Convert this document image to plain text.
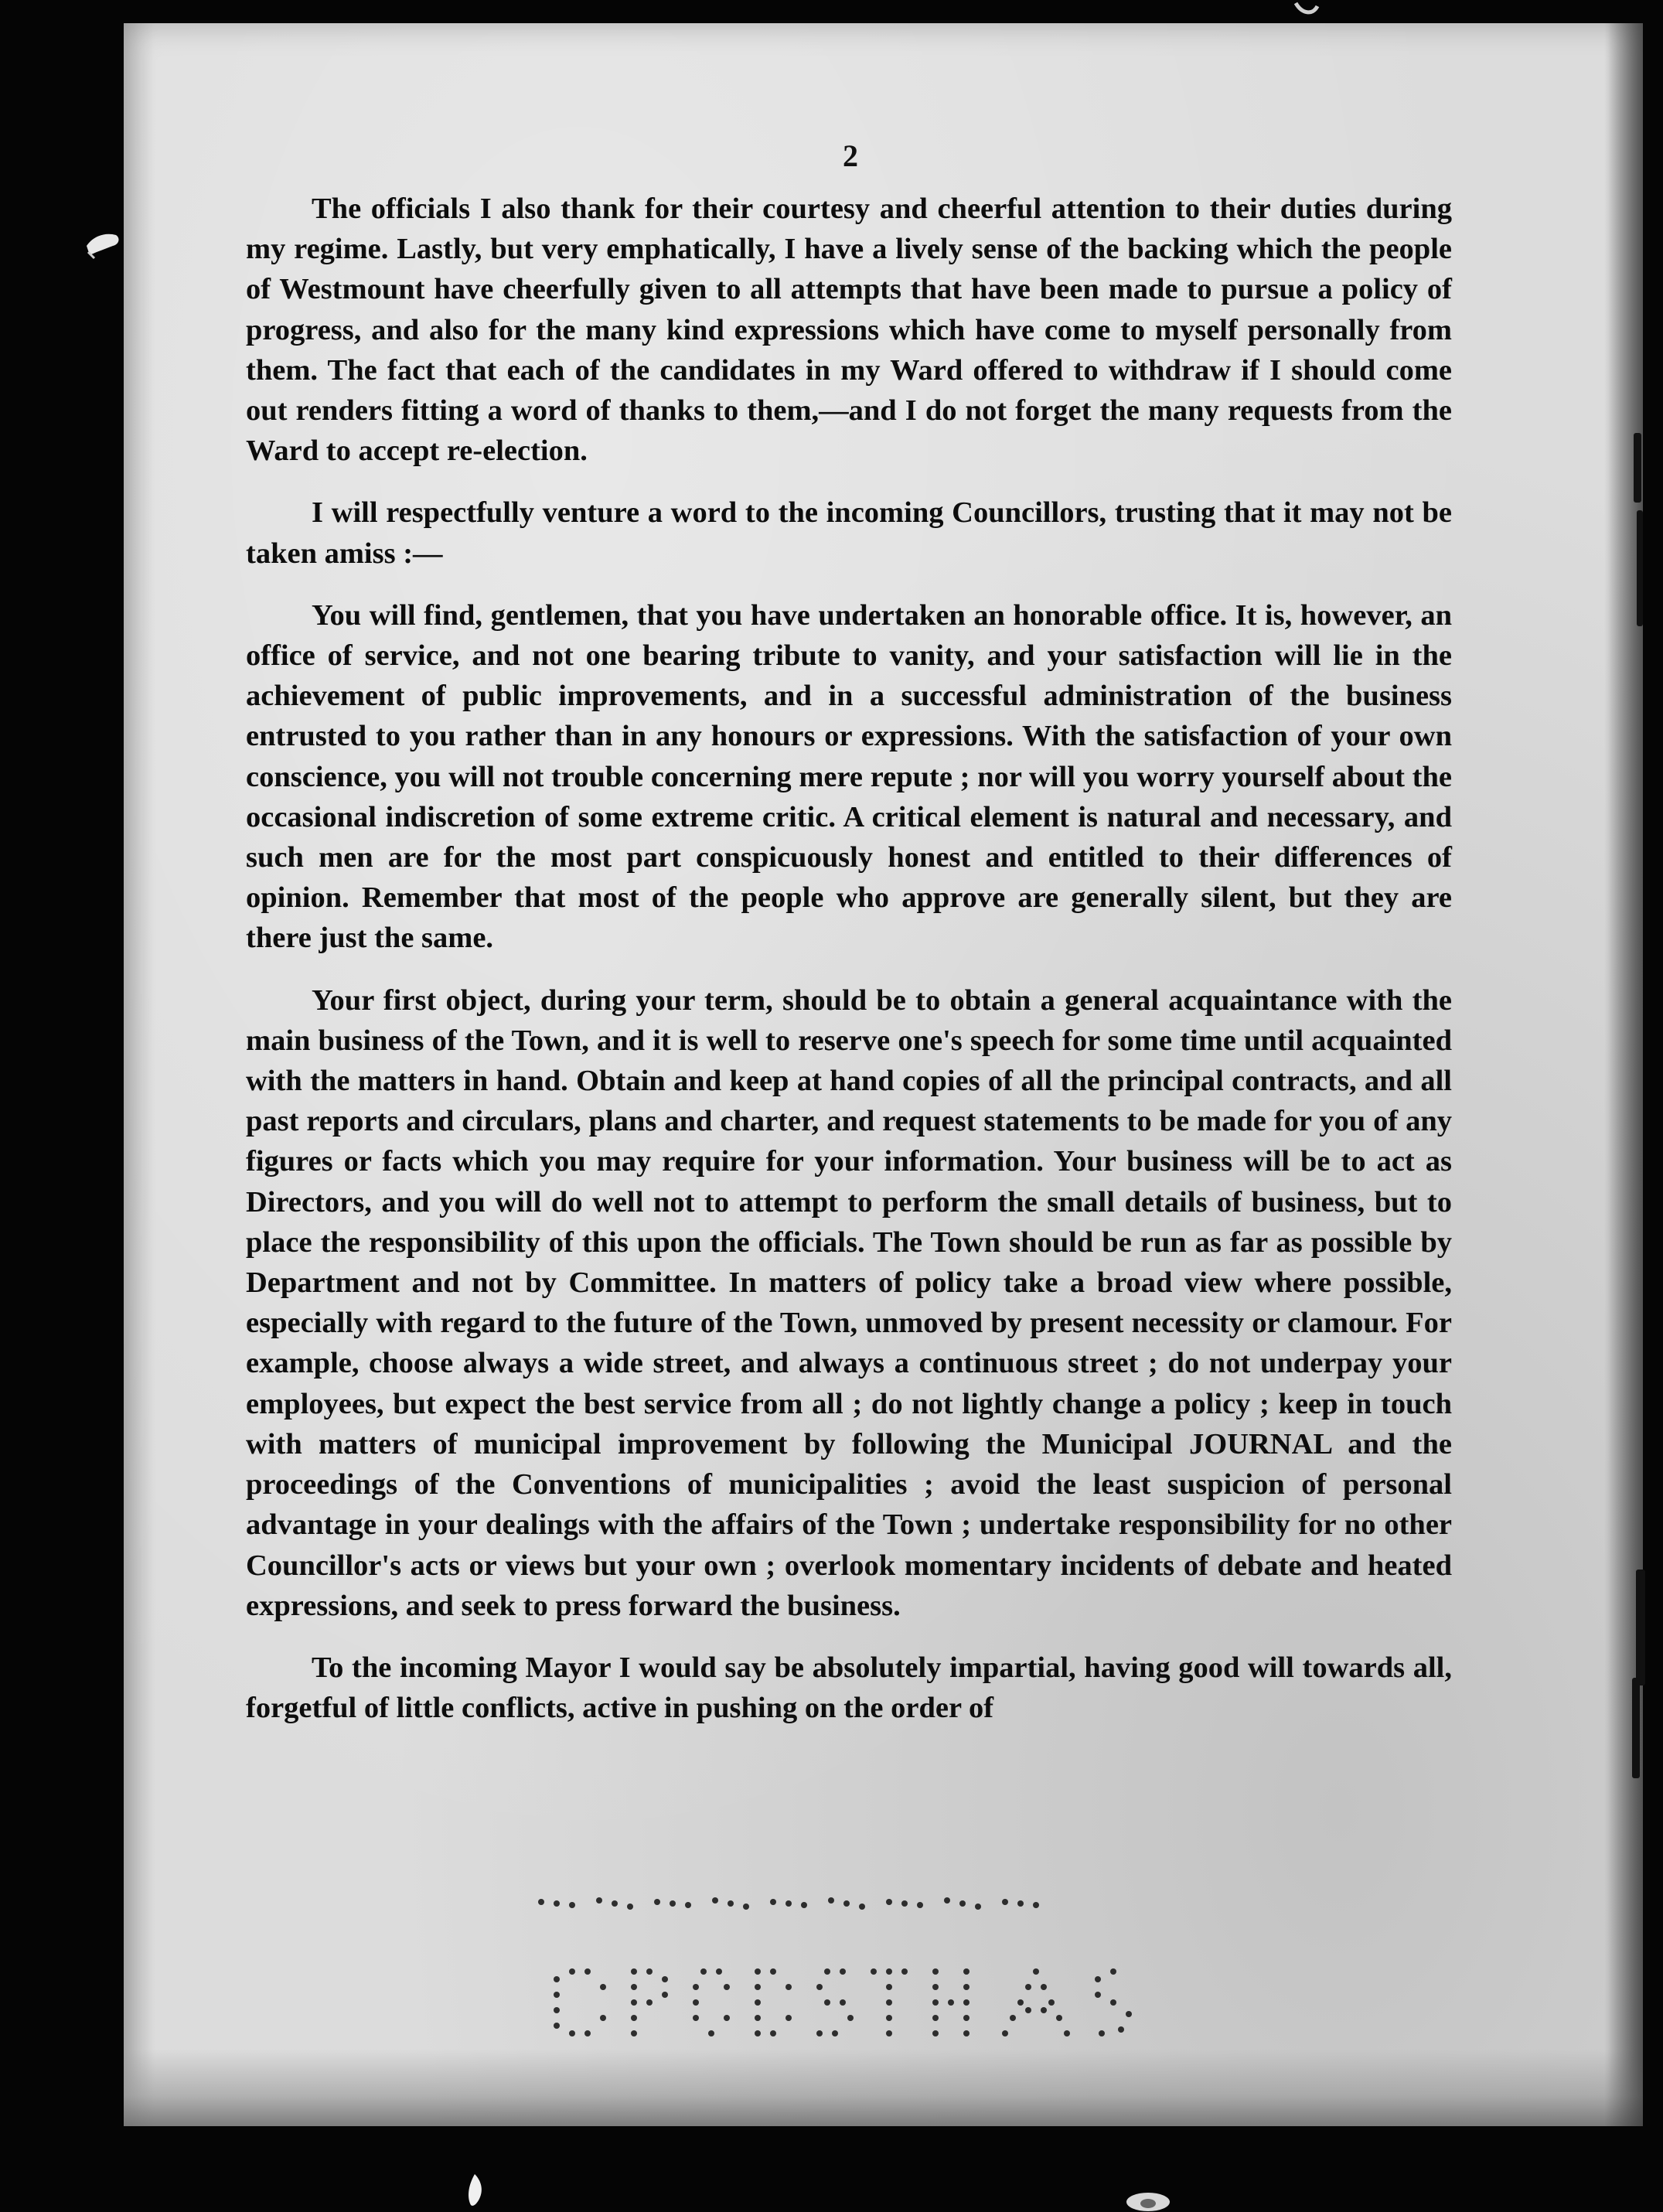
2

The officials I also thank for their courtesy and cheerful attention to their duties during my regime. Lastly, but very emphatically, I have a lively sense of the backing which the people of Westmount have cheerfully given to all attempts that have been made to pursue a policy of progress, and also for the many kind expressions which have come to myself personally from them. The fact that each of the candidates in my Ward offered to withdraw if I should come out renders fitting a word of thanks to them,—and I do not forget the many requests from the Ward to accept re-election.

I will respectfully venture a word to the incoming Councillors, trusting that it may not be taken amiss :—

You will find, gentlemen, that you have undertaken an honorable office. It is, however, an office of service, and not one bearing tribute to vanity, and your satisfaction will lie in the achievement of public improvements, and in a successful administration of the business entrusted to you rather than in any honours or expressions. With the satisfaction of your own conscience, you will not trouble concerning mere repute ; nor will you worry yourself about the occasional indiscretion of some extreme critic. A critical element is natural and necessary, and such men are for the most part conspicuously honest and entitled to their differences of opinion. Remember that most of the people who approve are generally silent, but they are there just the same.

Your first object, during your term, should be to obtain a general acquaintance with the main business of the Town, and it is well to reserve one's speech for some time until acquainted with the matters in hand. Obtain and keep at hand copies of all the principal contracts, and all past reports and circulars, plans and charter, and request statements to be made for you of any figures or facts which you may require for your information. Your business will be to act as Directors, and you will do well not to attempt to perform the small details of business, but to place the responsibility of this upon the officials. The Town should be run as far as possible by Department and not by Committee. In matters of policy take a broad view where possible, especially with regard to the future of the Town, unmoved by present necessity or clamour. For example, choose always a wide street, and always a continuous street ; do not underpay your employees, but expect the best service from all ; do not lightly change a policy ; keep in touch with matters of municipal improvement by following the Municipal JOURNAL and the proceedings of the Conventions of municipalities ; avoid the least suspicion of personal advantage in your dealings with the affairs of the Town ; undertake responsibility for no other Councillor's acts or views but your own ; overlook momentary incidents of debate and heated expressions, and seek to press forward the business.

To the incoming Mayor I would say be absolutely impartial, having good will towards all, forgetful of little conflicts, active in pushing on the order of
